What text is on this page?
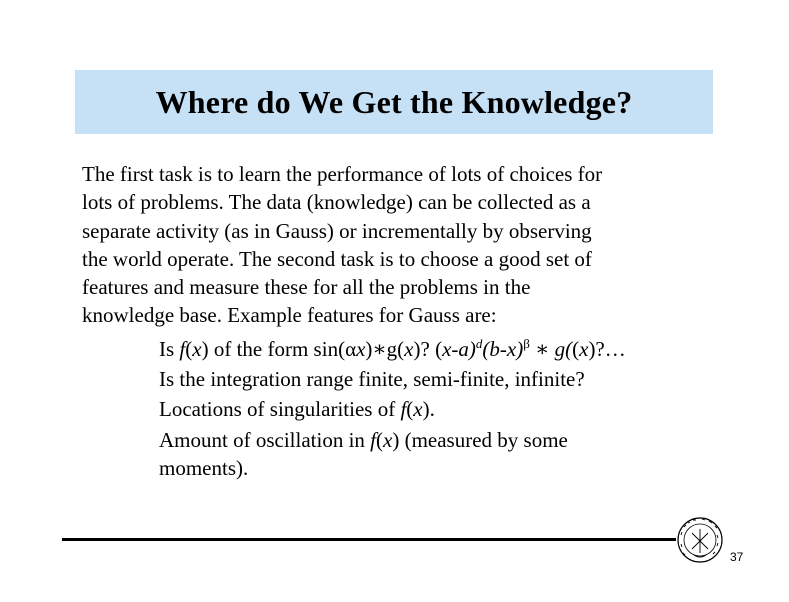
Where do We Get the Knowledge?
The first task is to learn the performance of lots of choices for
lots of problems. The data (knowledge) can be collected as a
separate activity (as in Gauss) or incrementally by observing
the world operate. The second task is to choose a good set of
features and measure these for all the problems in the
knowledge base. Example features for Gauss are:
Is f(x) of the form sin(αx)∗g(x)? $(x-a)^d(b-x)^\beta$ ∗ g((x)?…
Is the integration range finite, semi-finite, infinite?
Locations of singularities of f(x).
Amount of oscillation in f(x) (measured by some
moments).
37
